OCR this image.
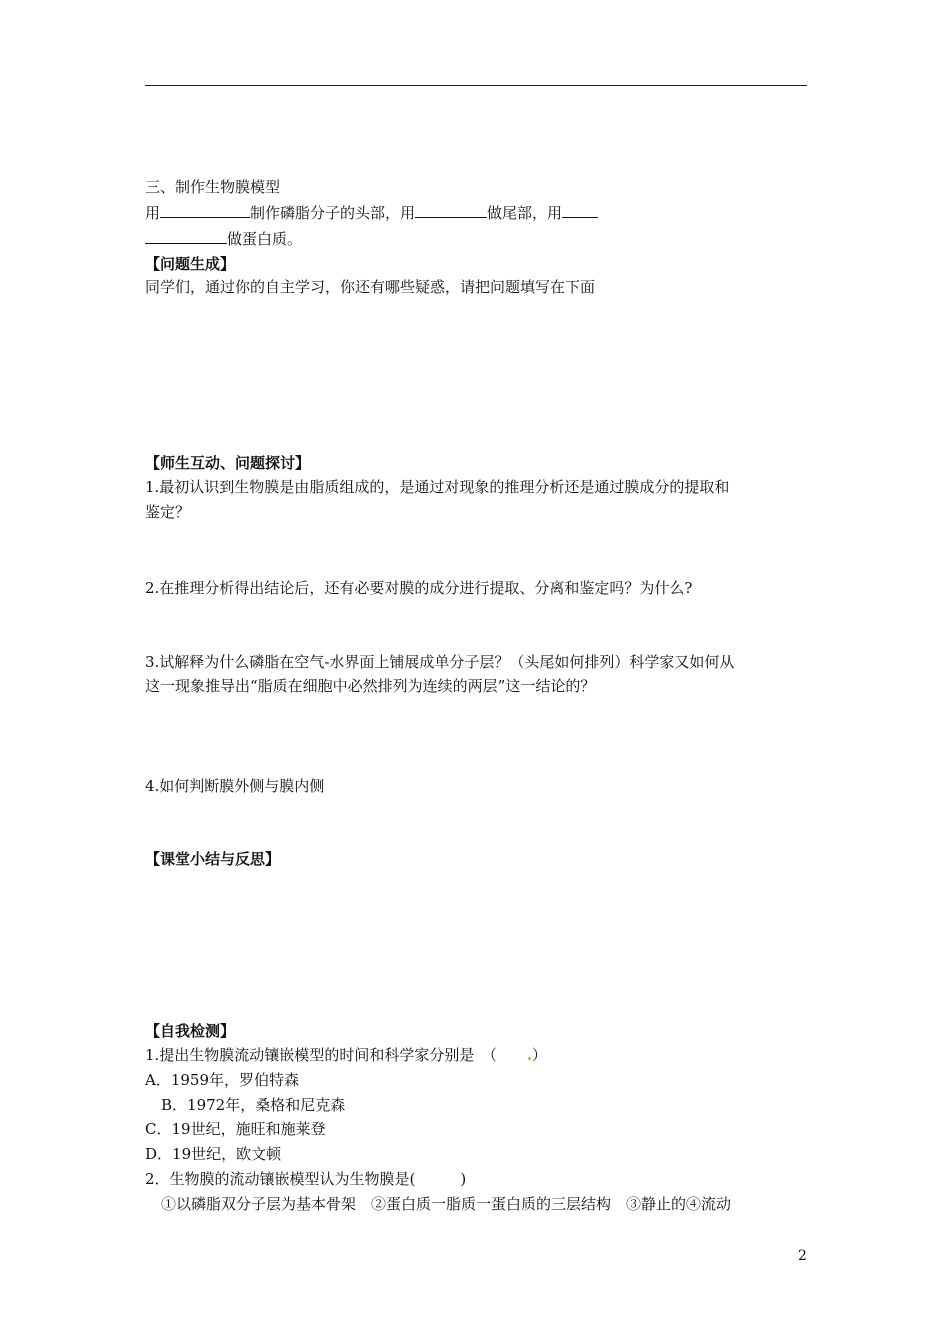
三、制作生物膜模型
用	制作磷脂分子的头部，用	做尾部，用
做蛋白质。
【问题生成】
同学们，通过你的自主学习，你还有哪些疑惑，请把问题填写在下面
【师生互动、问题探讨】
1.最初认识到生物膜是由脂质组成的，是通过对现象的推理分析还是通过膜成分的提取和
鉴定？
2.在推理分析得出结论后，还有必要对膜的成分进行提取、分离和鉴定吗？为什么?
3.试解释为什么磷脂在空气-水界面上铺展成单分子层？（头尾如何排列）科学家又如何从
这一现象推导出“脂质在细胞中必然排列为连续的两层”这一结论的？
4.如何判断膜外侧与膜内侧
【课堂小结与反思】
【自我检测】
1.提出生物膜流动镶嵌模型的时间和科学家分别是　（ ）
A．1959年，罗伯特森
B．1972年，桑格和尼克森
C．19世纪，施旺和施莱登
D．19世纪，欧文顿
2．生物膜的流动镶嵌模型认为生物膜是(　　　)
①以磷脂双分子层为基本骨架　②蛋白质一脂质一蛋白质的三层结构　③静止的④流动
2
